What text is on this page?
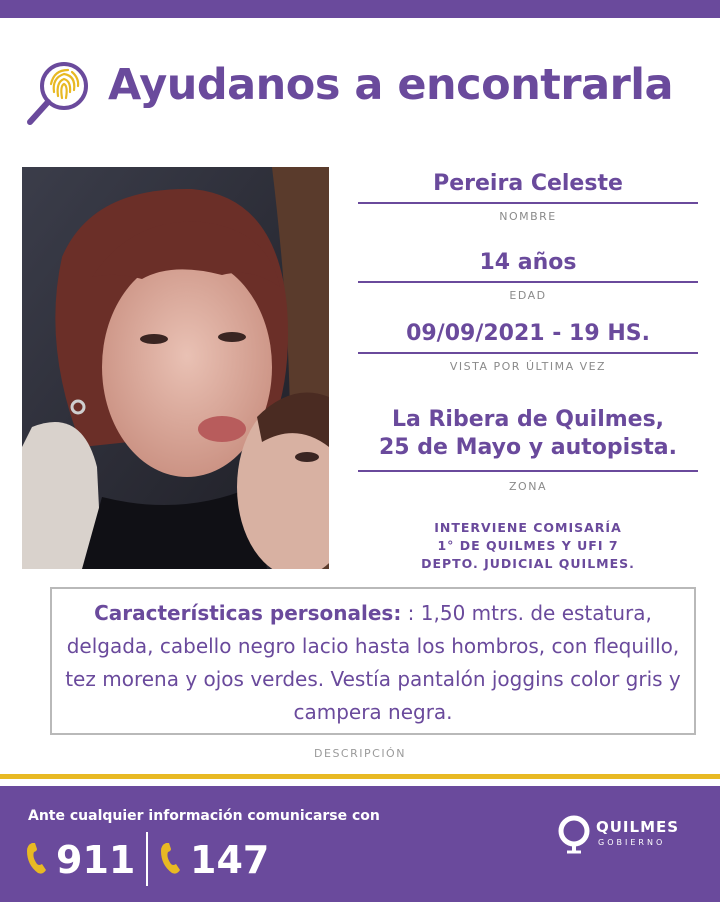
Ayudanos a encontrarla
Pereira Celeste
NOMBRE
14 años
EDAD
09/09/2021 - 19 HS.
VISTA POR ÚLTIMA VEZ
La Ribera de Quilmes,
25 de Mayo y autopista.
ZONA
INTERVIENE COMISARÍA
1° DE QUILMES Y UFI 7
DEPTO. JUDICIAL QUILMES.
Características personales: : 1,50 mtrs. de estatura, delgada, cabello negro lacio hasta los hombros, con flequillo, tez morena y ojos verdes. Vestía pantalón joggins color gris y campera negra.
DESCRIPCIÓN
Ante cualquier información comunicarse con
911 147
QUILMES
GOBIERNO
